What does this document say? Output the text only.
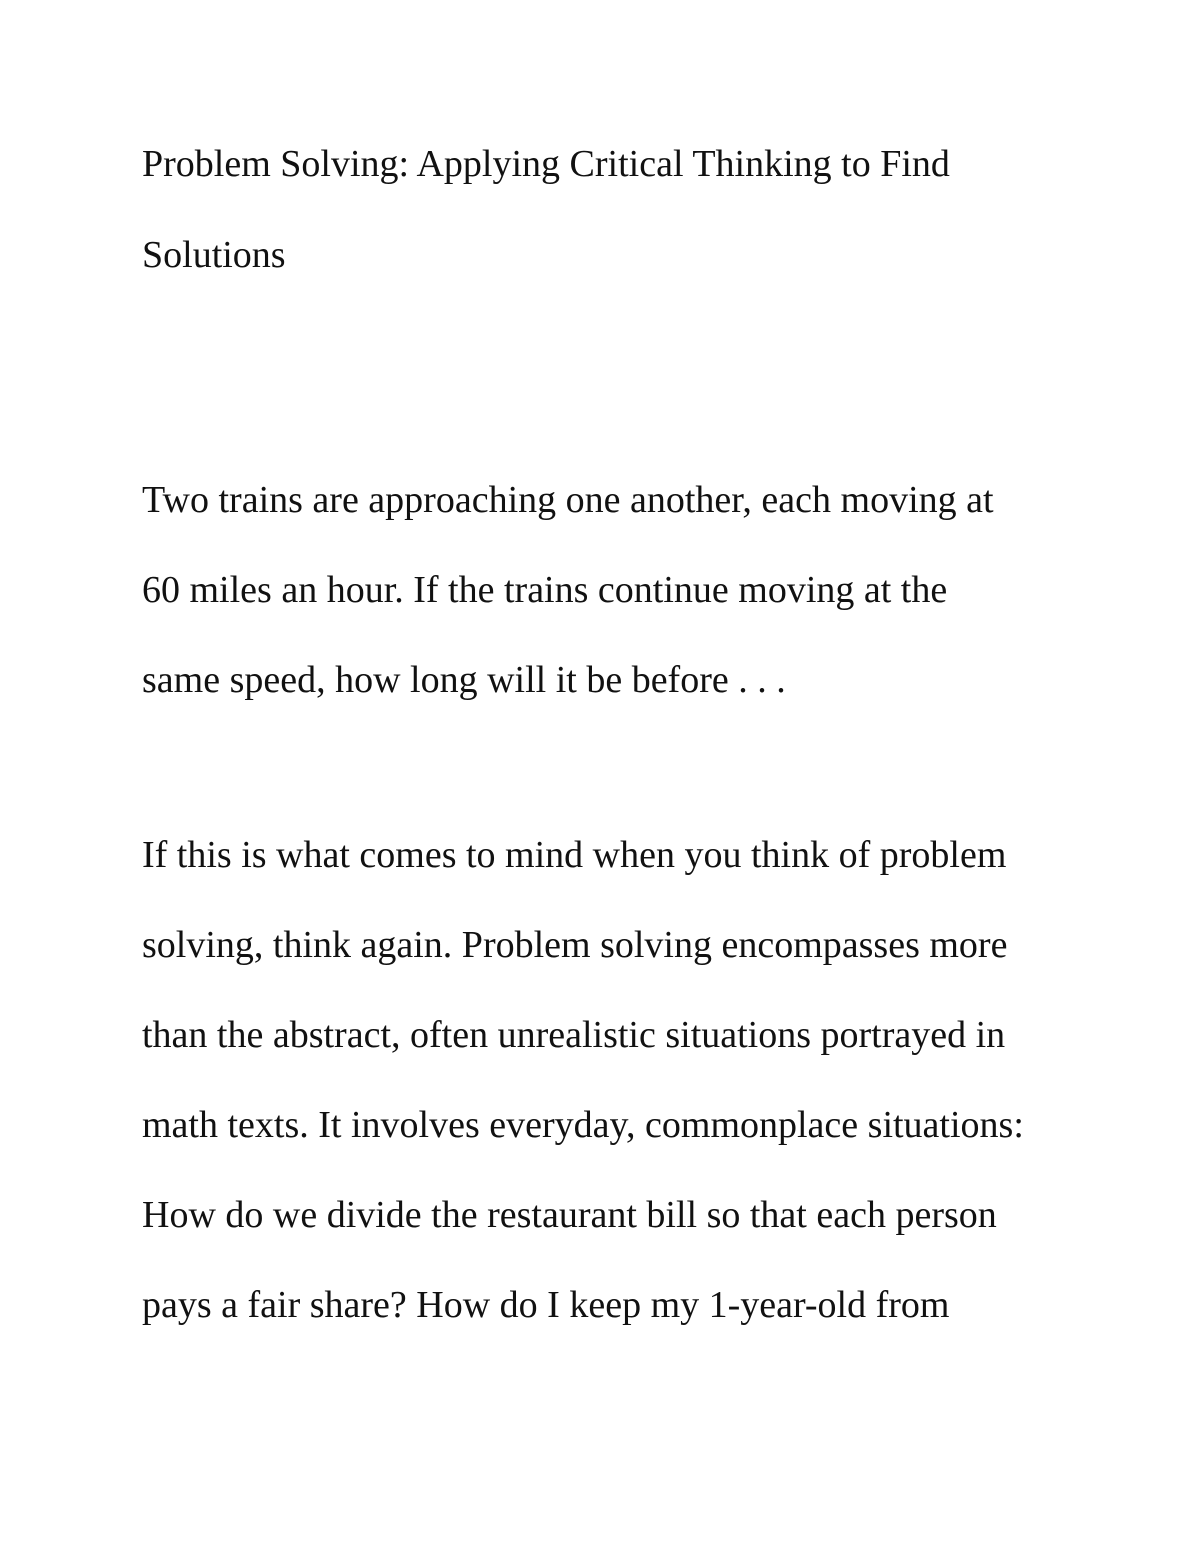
Problem Solving: Applying Critical Thinking to Find

Solutions

Two trains are approaching one another, each moving at

60 miles an hour. If the trains continue moving at the

same speed, how long will it be before . . .

If this is what comes to mind when you think of problem

solving, think again. Problem solving encompasses more

than the abstract, often unrealistic situations portrayed in

math texts. It involves everyday, commonplace situations:

How do we divide the restaurant bill so that each person

pays a fair share? How do I keep my 1-year-old from
